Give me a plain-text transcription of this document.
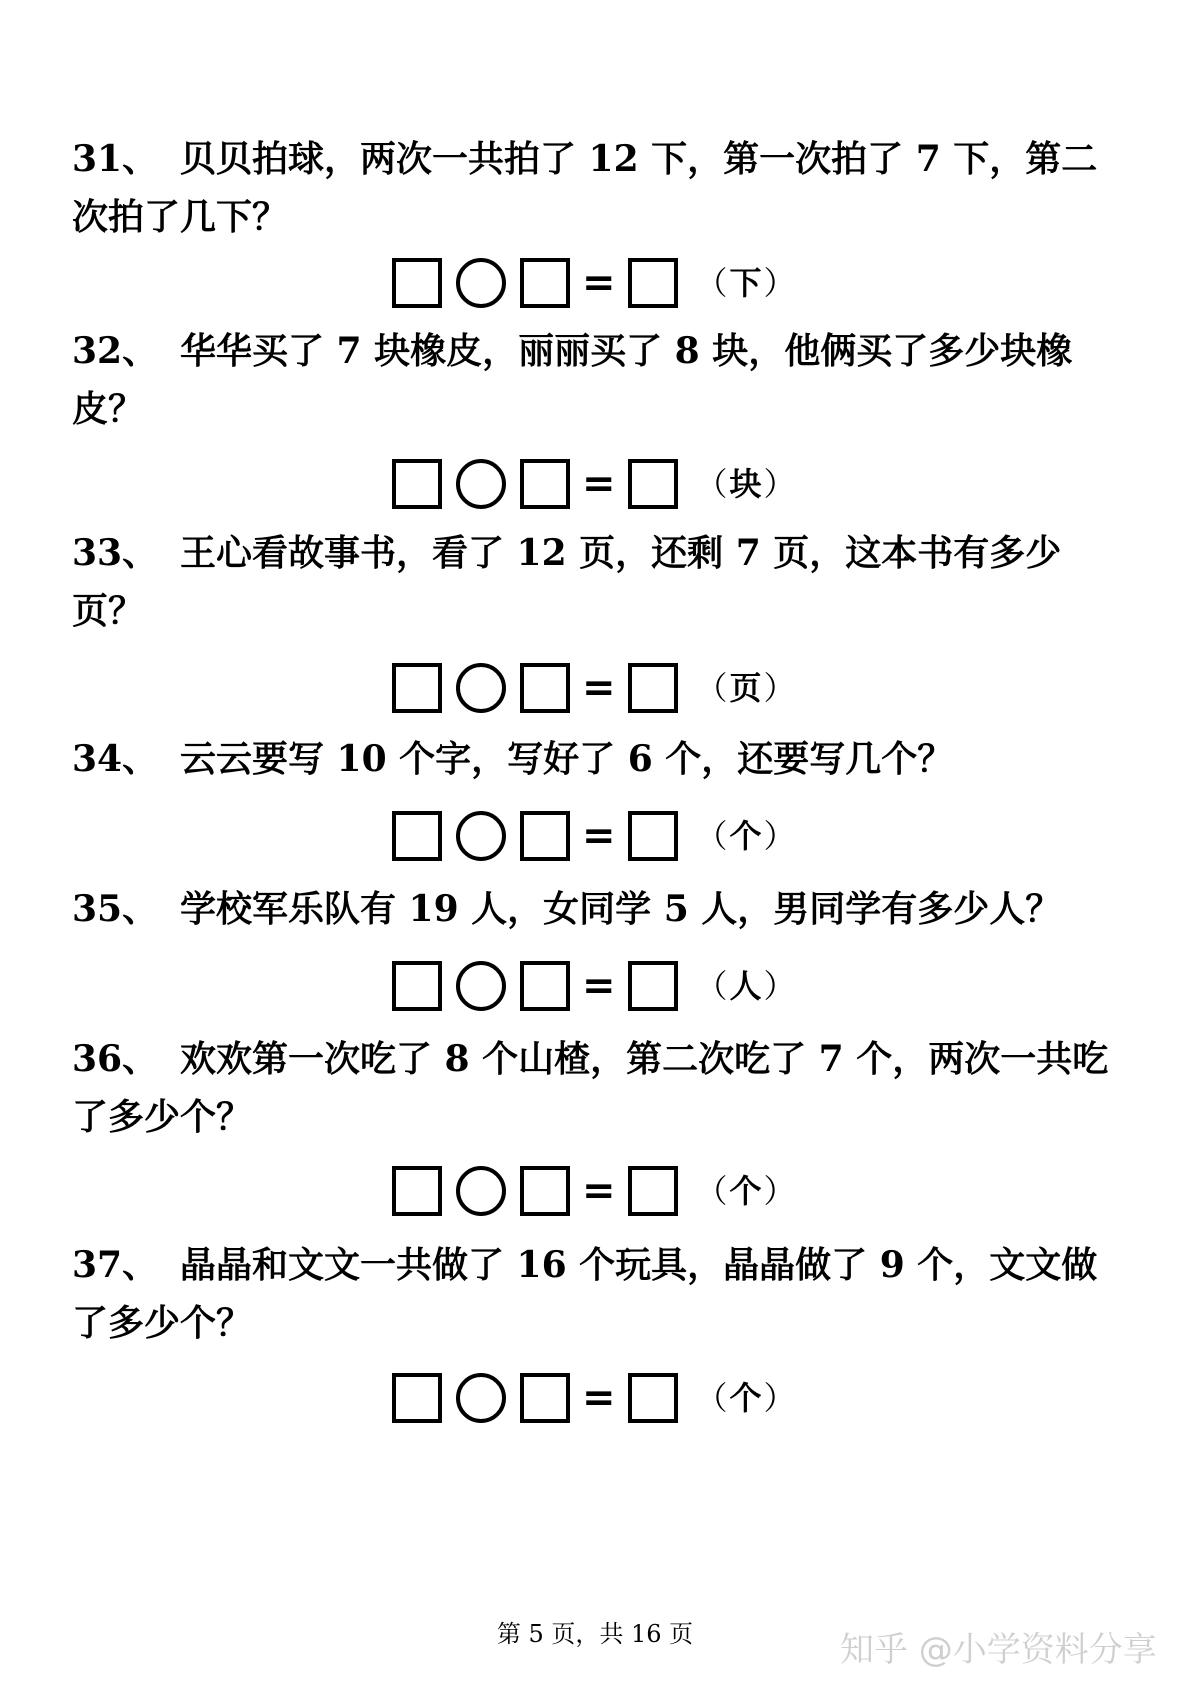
31、 贝贝拍球，两次一共拍了 12 下，第一次拍了 7 下，第二次拍了几下？
=	（下）
32、 华华买了 7 块橡皮，丽丽买了 8 块，他俩买了多少块橡皮？
=	（块）
33、 王心看故事书，看了 12 页，还剩 7 页，这本书有多少页？
=	（页）
34、 云云要写 10 个字，写好了 6 个，还要写几个？
=	（个）
35、 学校军乐队有 19 人，女同学 5 人，男同学有多少人？
=	（人）
36、 欢欢第一次吃了 8 个山楂，第二次吃了 7 个，两次一共吃了多少个？
=	（个）
37、 晶晶和文文一共做了 16 个玩具，晶晶做了 9 个，文文做了多少个？
=	（个）
第 5 页，共 16 页	知乎 @小学资料分享
